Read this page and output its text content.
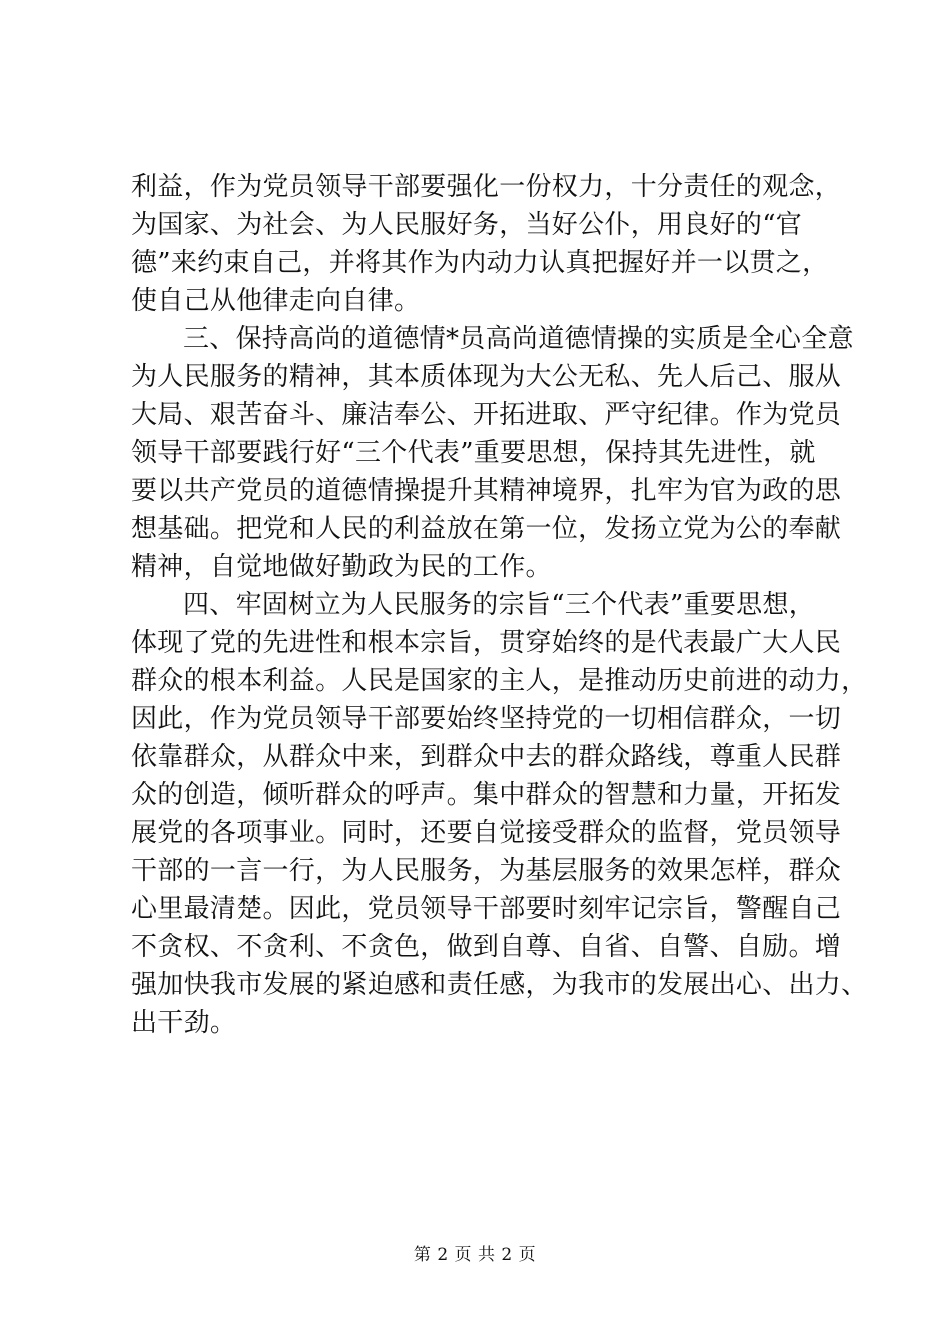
利益，作为党员领导干部要强化一份权力，十分责任的观念，
为国家、为社会、为人民服好务，当好公仆，用良好的“官
德”来约束自己，并将其作为内动力认真把握好并一以贯之，
使自己从他律走向自律。
三、保持高尚的道德情*员高尚道德情操的实质是全心全意
为人民服务的精神，其本质体现为大公无私、先人后己、服从
大局、艰苦奋斗、廉洁奉公、开拓进取、严守纪律。作为党员
领导干部要践行好“三个代表”重要思想，保持其先进性，就
要以共产党员的道德情操提升其精神境界，扎牢为官为政的思
想基础。把党和人民的利益放在第一位，发扬立党为公的奉献
精神，自觉地做好勤政为民的工作。
四、牢固树立为人民服务的宗旨“三个代表”重要思想，
体现了党的先进性和根本宗旨，贯穿始终的是代表最广大人民
群众的根本利益。人民是国家的主人，是推动历史前进的动力，
因此，作为党员领导干部要始终坚持党的一切相信群众，一切
依靠群众，从群众中来，到群众中去的群众路线，尊重人民群
众的创造，倾听群众的呼声。集中群众的智慧和力量，开拓发
展党的各项事业。同时，还要自觉接受群众的监督，党员领导
干部的一言一行，为人民服务，为基层服务的效果怎样，群众
心里最清楚。因此，党员领导干部要时刻牢记宗旨，警醒自己
不贪权、不贪利、不贪色，做到自尊、自省、自警、自励。增
强加快我市发展的紧迫感和责任感，为我市的发展出心、出力、
出干劲。
第 2 页 共 2 页
